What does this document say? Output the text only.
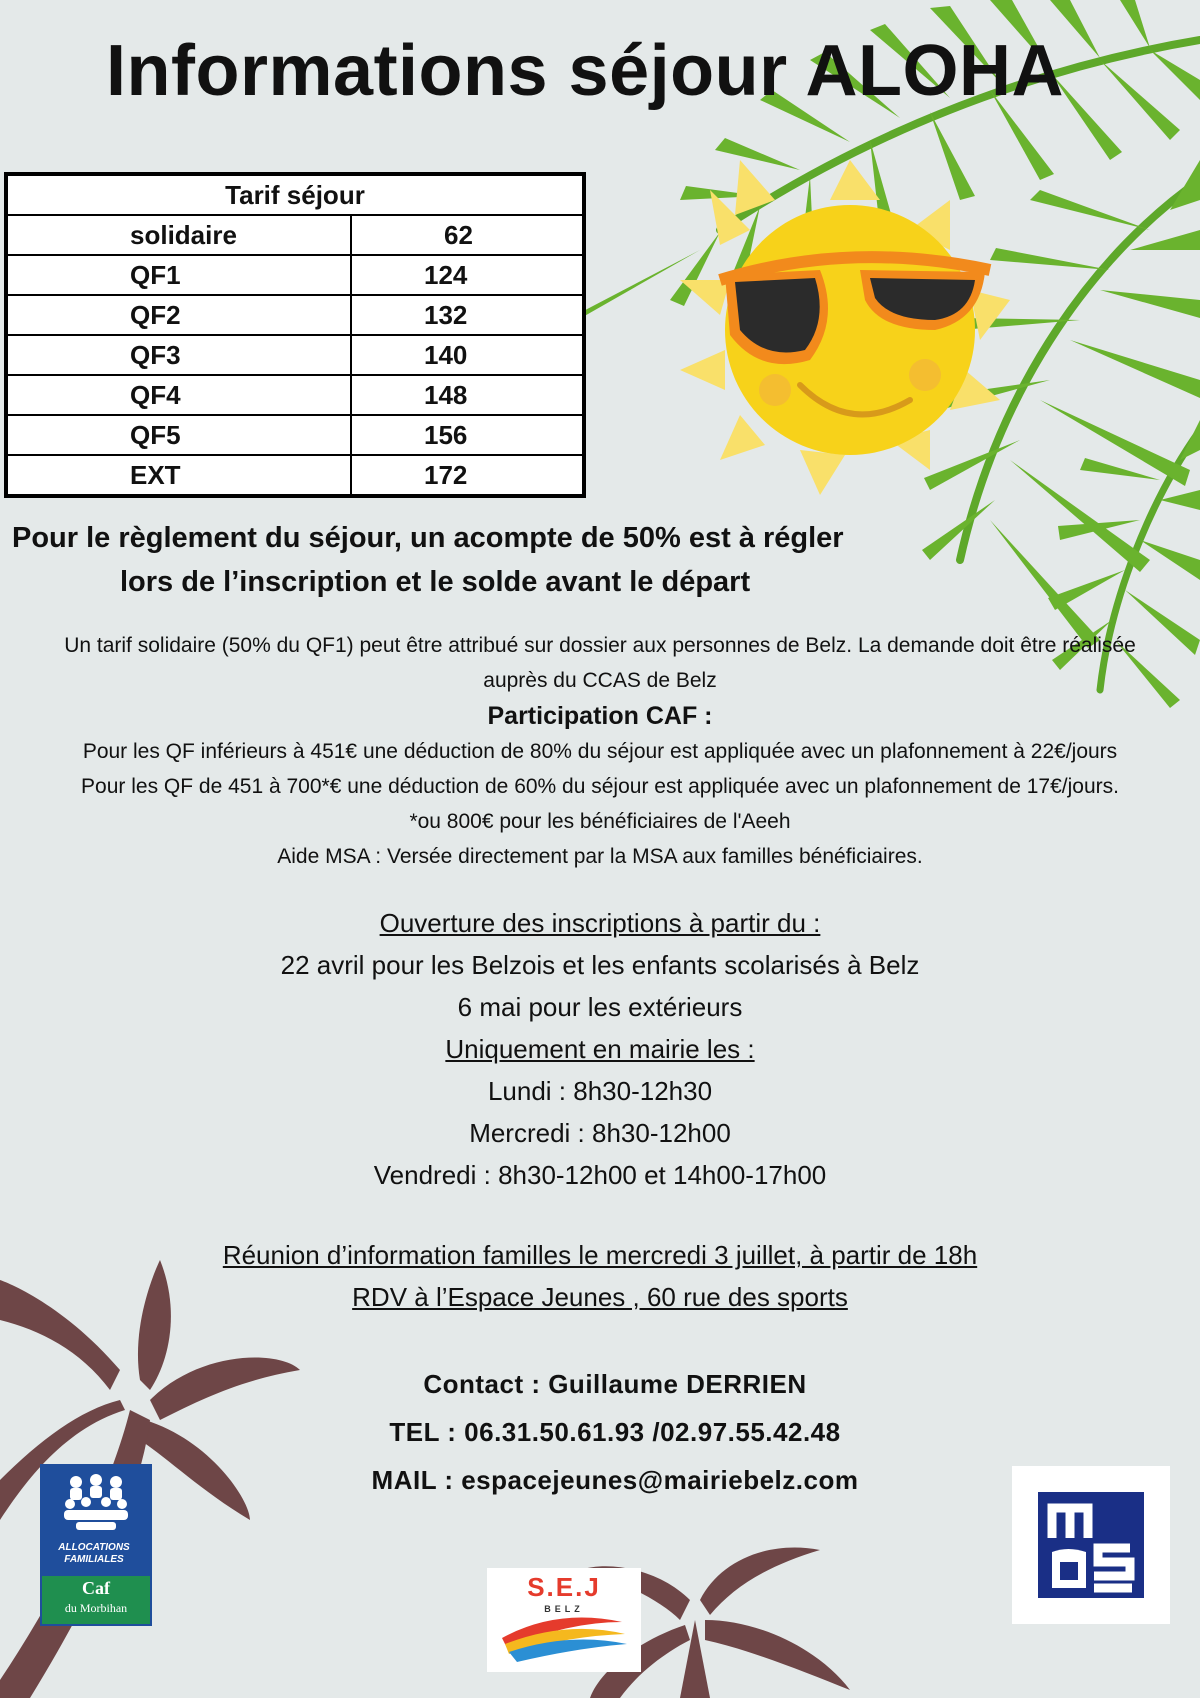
Informations séjour ALOHA
Tarif séjour	
solidaire	62
QF1	124
QF2	132
QF3	140
QF4	148
QF5	156
EXT	172
Pour le règlement du séjour, un acompte de 50% est à régler
lors de l’inscription et le solde avant le départ
Un tarif solidaire (50% du QF1) peut être attribué sur dossier aux personnes de Belz. La demande doit être réalisée
auprès du CCAS de Belz
Participation CAF :
Pour les QF inférieurs à 451€ une déduction de 80% du séjour est appliquée avec un plafonnement à 22€/jours
Pour les QF de 451 à 700*€ une déduction de 60% du séjour est appliquée avec un plafonnement de 17€/jours.
*ou 800€ pour les bénéficiaires de l'Aeeh
Aide MSA : Versée directement par la MSA aux familles bénéficiaires.
Ouverture des inscriptions à partir du :
22 avril pour les Belzois et les enfants scolarisés à Belz
6 mai pour les extérieurs
Uniquement en mairie les :
Lundi : 8h30-12h30
Mercredi : 8h30-12h00
Vendredi : 8h30-12h00 et 14h00-17h00
Réunion d’information familles le mercredi 3 juillet, à partir de 18h
RDV à l’Espace Jeunes , 60 rue des sports
Contact : Guillaume DERRIEN
TEL : 06.31.50.61.93 /02.97.55.42.48
MAIL : espacejeunes@mairiebelz.com
ALLOCATIONS
FAMILIALES
Caf
du Morbihan
S.E.J
BELZ
